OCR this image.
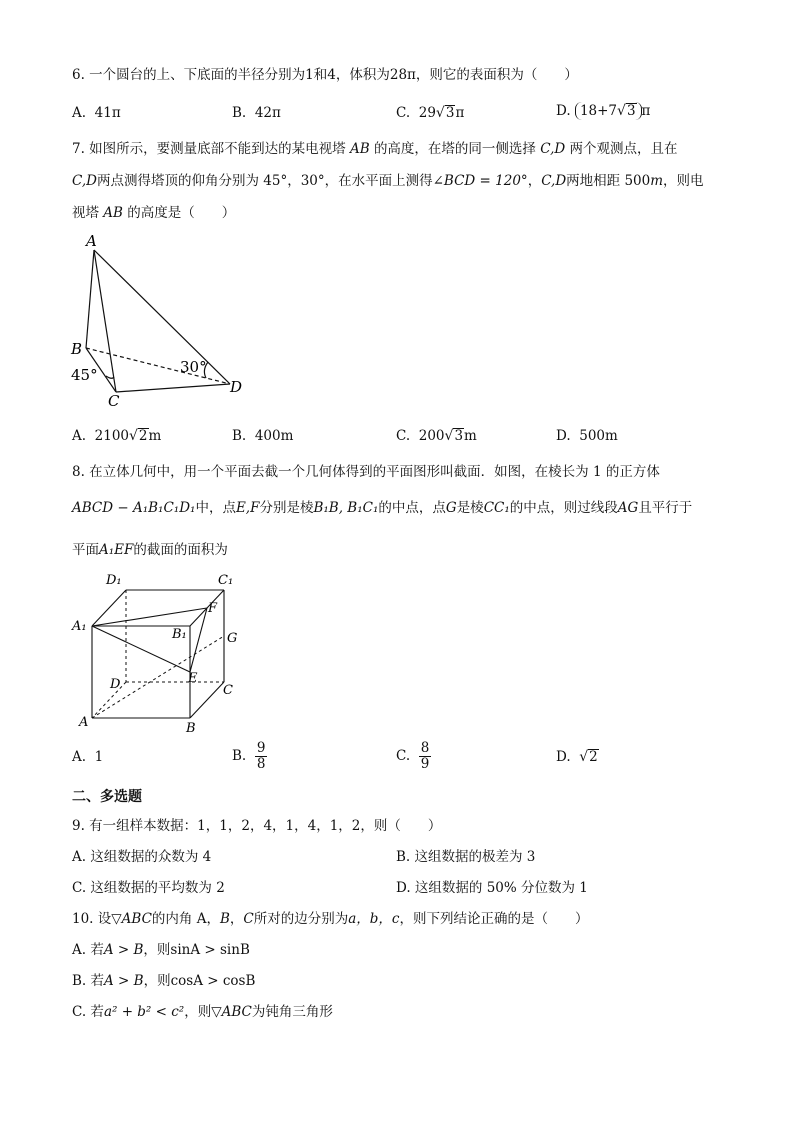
6. 一个圆台的上、下底面的半径分别为1和4，体积为28π，则它的表面积为（　　）
A. 41π	B. 42π	C. 29√3π	D. 18+7√3 π
7. 如图所示，要测量底部不能到达的某电视塔 AB 的高度，在塔的同一侧选择 C,D 两个观测点，且在
C,D两点测得塔顶的仰角分别为 45°，30°，在水平面上测得∠BCD = 120°，C,D两地相距 500m，则电
视塔 AB 的高度是（　　）
A
B
C
D
45°	30°
A. 2100√2m	B. 400m	C. 200√3m	D. 500m
8. 在立体几何中，用一个平面去截一个几何体得到的平面图形叫截面．如图，在棱长为 1 的正方体
ABCD − A₁B₁C₁D₁中，点E,F分别是棱B₁B, B₁C₁的中点，点G是棱CC₁的中点，则过线段AG且平行于
平面A₁EF的截面的面积为
D₁	C₁
A₁
B₁
F
G
E
D	C
A	B
A. 1	B. $\frac{9}{8}$	C. $\frac{8}{9}$	D. √2
二、多选题
9. 有一组样本数据：1，1，2，4，1，4，1，2，则（　　）
A. 这组数据的众数为 4	B. 这组数据的极差为 3
C. 这组数据的平均数为 2	D. 这组数据的 50% 分位数为 1
10. 设▽ABC的内角 A，B，C所对的边分别为a，b，c，则下列结论正确的是（　　）
A. 若A > B，则sinA > sinB
B. 若A > B，则cosA > cosB
C. 若a² + b² < c²，则▽ABC为钝角三角形
